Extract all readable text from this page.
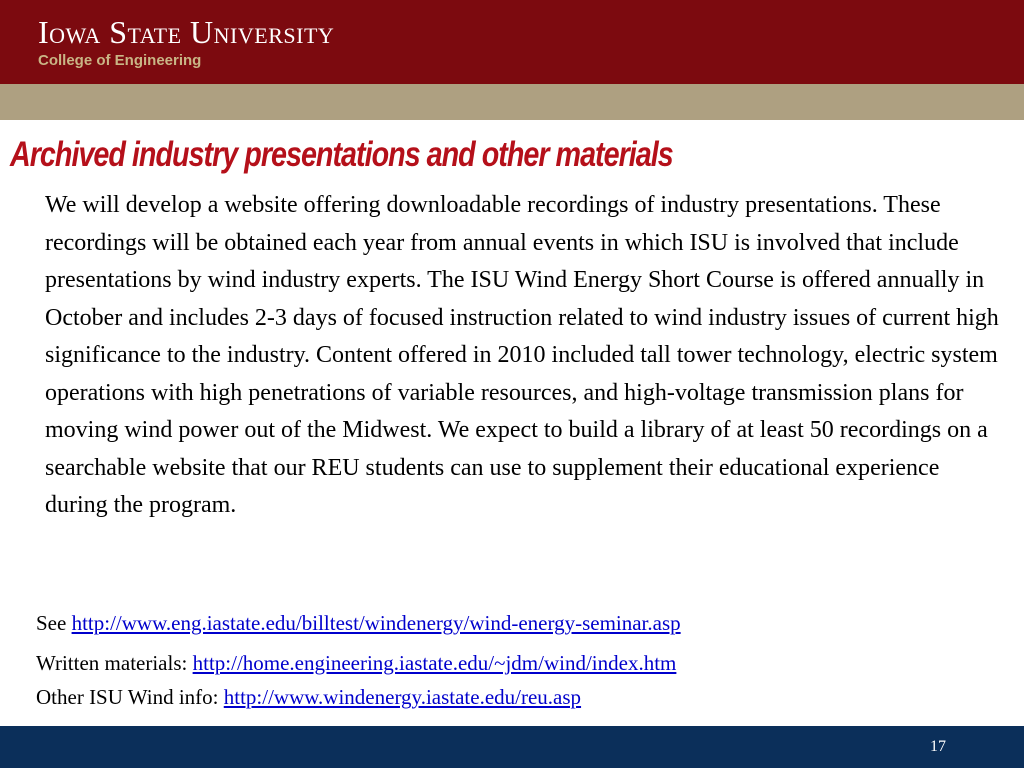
Iowa State University
College of Engineering
Archived industry presentations and other materials

We will develop a website offering downloadable recordings of industry presentations. These recordings will be obtained each year from annual events in which ISU is involved that include presentations by wind industry experts. The ISU Wind Energy Short Course is offered annually in October and includes 2-3 days of focused instruction related to wind industry issues of current high significance to the industry. Content offered in 2010 included tall tower technology, electric system operations with high penetrations of variable resources, and high-voltage transmission plans for moving wind power out of the Midwest. We expect to build a library of at least 50 recordings on a searchable website that our REU students can use to supplement their educational experience during the program.

See http://www.eng.iastate.edu/billtest/windenergy/wind-energy-seminar.asp

Written materials: http://home.engineering.iastate.edu/~jdm/wind/index.htm

Other ISU Wind info: http://www.windenergy.iastate.edu/reu.asp

17
